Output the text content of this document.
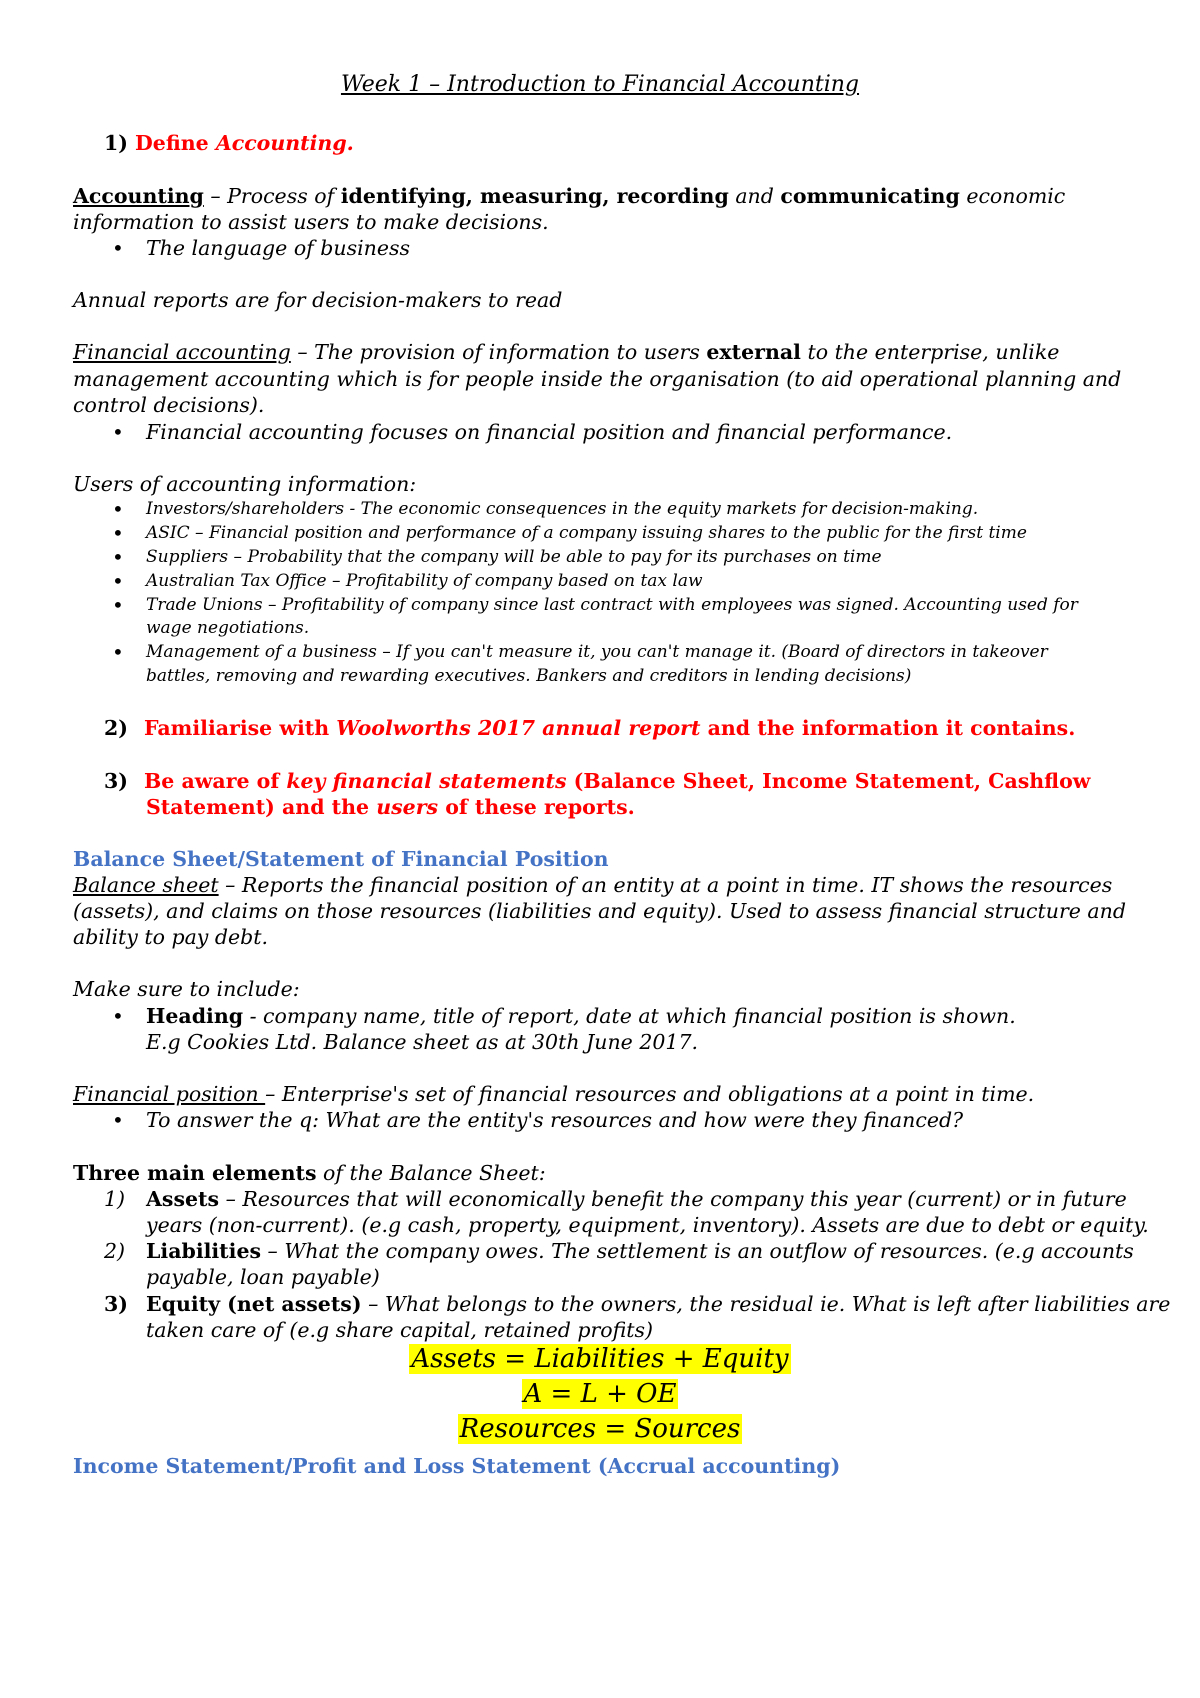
Week 1 – Introduction to Financial Accounting
1) Define Accounting.
Accounting – Process of identifying, measuring, recording and communicating economic
information to assist users to make decisions.
• The language of business
Annual reports are for decision-makers to read
Financial accounting – The provision of information to users external to the enterprise, unlike
management accounting which is for people inside the organisation (to aid operational planning and
control decisions).
• Financial accounting focuses on financial position and financial performance.
Users of accounting information:
• Investors/shareholders - The economic consequences in the equity markets for decision-making.
• ASIC – Financial position and performance of a company issuing shares to the public for the first time
• Suppliers – Probability that the company will be able to pay for its purchases on time
• Australian Tax Office – Profitability of company based on tax law
• Trade Unions – Profitability of company since last contract with employees was signed. Accounting used for
wage negotiations.
• Management of a business – If you can't measure it, you can't manage it. (Board of directors in takeover
battles, removing and rewarding executives. Bankers and creditors in lending decisions)
2) Familiarise with Woolworths 2017 annual report and the information it contains.
3) Be aware of key financial statements (Balance Sheet, Income Statement, Cashflow
Statement) and the users of these reports.
Balance Sheet/Statement of Financial Position
Balance sheet – Reports the financial position of an entity at a point in time. IT shows the resources
(assets), and claims on those resources (liabilities and equity). Used to assess financial structure and
ability to pay debt.
Make sure to include:
• Heading - company name, title of report, date at which financial position is shown.
E.g Cookies Ltd. Balance sheet as at 30th June 2017.
Financial position – Enterprise's set of financial resources and obligations at a point in time.
• To answer the q: What are the entity's resources and how were they financed?
Three main elements of the Balance Sheet:
1) Assets – Resources that will economically benefit the company this year (current) or in future
years (non-current). (e.g cash, property, equipment, inventory). Assets are due to debt or equity.
2) Liabilities – What the company owes. The settlement is an outflow of resources. (e.g accounts
payable, loan payable)
3) Equity (net assets) – What belongs to the owners, the residual ie. What is left after liabilities are
taken care of (e.g share capital, retained profits)
Assets = Liabilities + Equity
A = L + OE
Resources = Sources
Income Statement/Profit and Loss Statement (Accrual accounting)
